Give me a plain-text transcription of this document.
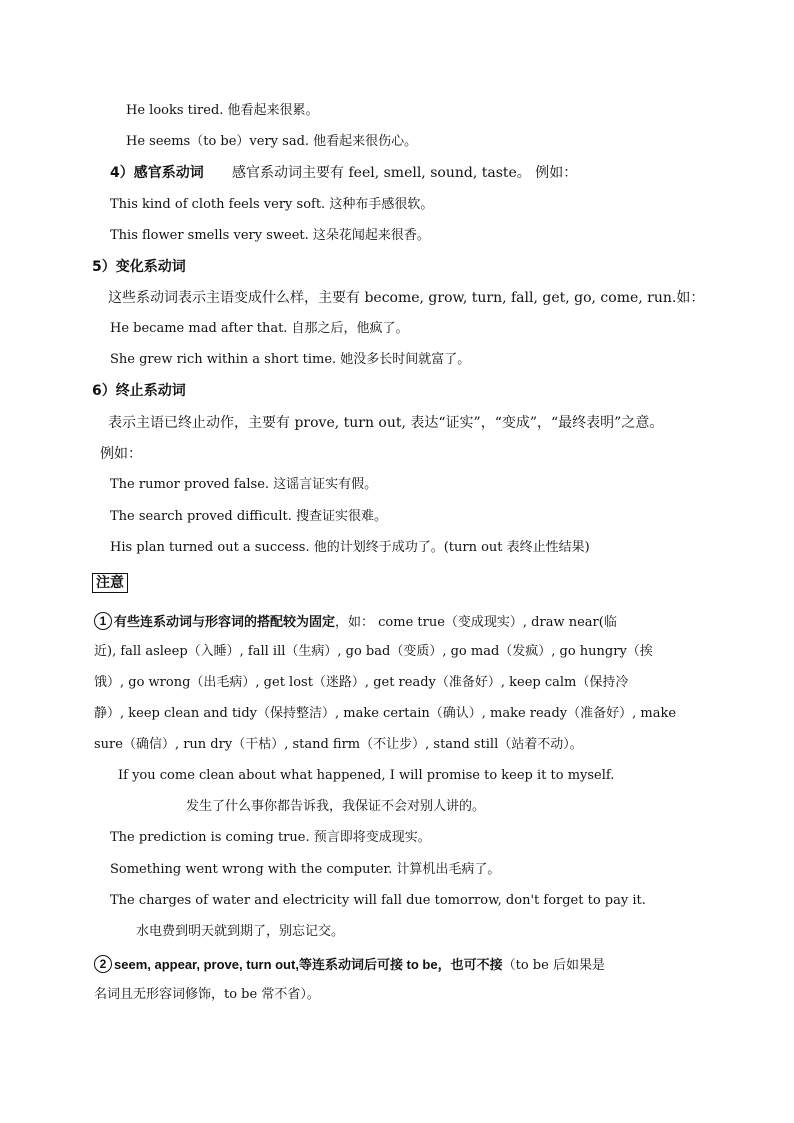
He looks tired. 他看起来很累。
He seems（to be）very sad. 他看起来很伤心。
4）感官系动词 感官系动词主要有 feel, smell, sound, taste。 例如：
This kind of cloth feels very soft. 这种布手感很软。
This flower smells very sweet. 这朵花闻起来很香。
5）变化系动词
这些系动词表示主语变成什么样，主要有 become, grow, turn, fall, get, go, come, run.如：
He became mad after that. 自那之后，他疯了。
She grew rich within a short time. 她没多长时间就富了。
6）终止系动词
表示主语已终止动作，主要有 prove, turn out, 表达“证实”，“变成”，“最终表明”之意。
例如：
The rumor proved false. 这谣言证实有假。
The search proved difficult. 搜查证实很难。
His plan turned out a success. 他的计划终于成功了。(turn out 表终止性结果)
注意
1 有些连系动词与形容词的搭配较为固定，如： come true（变成现实）, draw near(临
近), fall asleep（入睡）, fall ill（生病）, go bad（变质）, go mad（发疯）, go hungry（挨
饿）, go wrong（出毛病）, get lost（迷路）, get ready（准备好）, keep calm（保持冷
静）, keep clean and tidy（保持整洁）, make certain（确认）, make ready（准备好）, make
sure（确信）, run dry（干枯）, stand firm（不让步）, stand still（站着不动）。
If you come clean about what happened, I will promise to keep it to myself.
发生了什么事你都告诉我，我保证不会对别人讲的。
The prediction is coming true. 预言即将变成现实。
Something went wrong with the computer. 计算机出毛病了。
The charges of water and electricity will fall due tomorrow, don't forget to pay it.
水电费到明天就到期了，别忘记交。
2 seem, appear, prove, turn out,等连系动词后可接 to be，也可不接（to be 后如果是
名词且无形容词修饰，to be 常不省）。
